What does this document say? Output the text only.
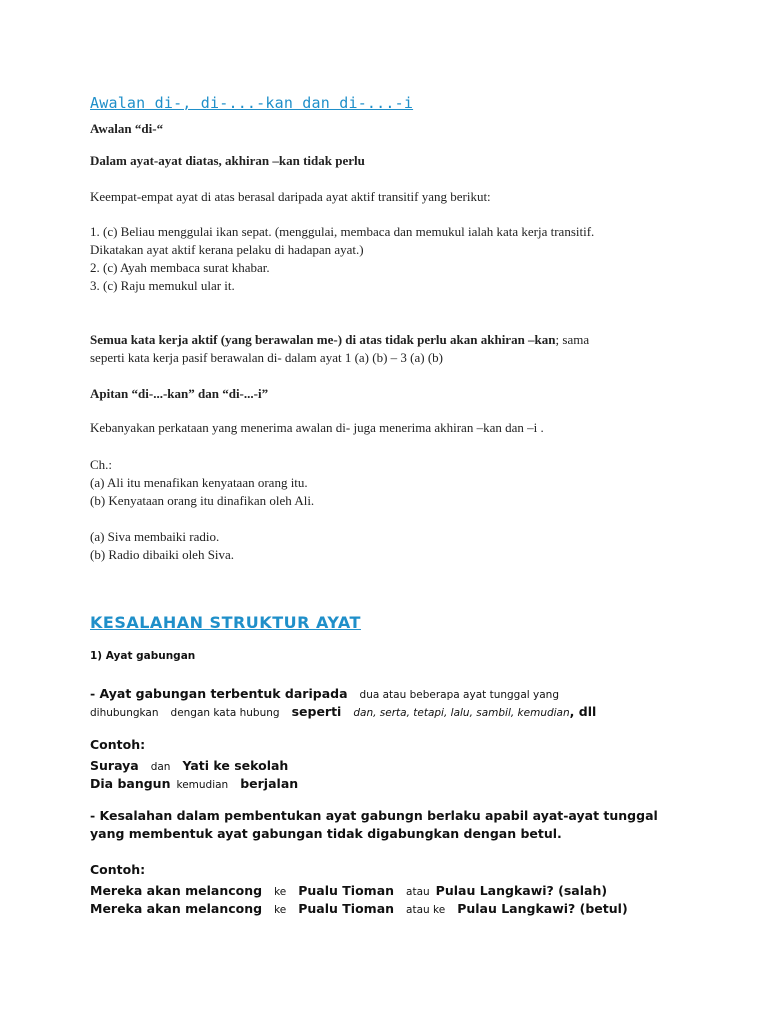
Awalan di-, di-...-kan dan di-...-i
Awalan “di-“
Dalam ayat-ayat diatas, akhiran –kan tidak perlu
Keempat-empat ayat di atas berasal daripada ayat aktif transitif yang berikut:
1. (c) Beliau menggulai ikan sepat. (menggulai, membaca dan memukul ialah kata kerja transitif.
Dikatakan ayat aktif kerana pelaku di hadapan ayat.)
2. (c) Ayah membaca surat khabar.
3. (c) Raju memukul ular it.
Semua kata kerja aktif (yang berawalan me-) di atas tidak perlu akan akhiran –kan; sama
seperti kata kerja pasif berawalan di- dalam ayat 1 (a) (b) – 3 (a) (b)
Apitan “di-...-kan” dan “di-...-i”
Kebanyakan perkataan yang menerima awalan di- juga menerima akhiran –kan dan –i .
Ch.:
(a) Ali itu menafikan kenyataan orang itu.
(b) Kenyataan orang itu dinafikan oleh Ali.
(a) Siva membaiki radio.
(b) Radio dibaiki oleh Siva.
KESALAHAN STRUKTUR AYAT
1) Ayat gabungan
- Ayat gabungan terbentuk daripada dua atau beberapa ayat tunggal yang
dihubungkan dengan kata hubung seperti dan, serta, tetapi, lalu, sambil, kemudian, dll
Contoh:
Suraya dan Yati ke sekolah
Dia bangun kemudian berjalan
- Kesalahan dalam pembentukan ayat gabungn berlaku apabil ayat-ayat tunggal
yang membentuk ayat gabungan tidak digabungkan dengan betul.
Contoh:
Mereka akan melancong ke Pualu Tioman atau Pulau Langkawi? (salah)
Mereka akan melancong ke Pualu Tioman atau ke Pulau Langkawi? (betul)
